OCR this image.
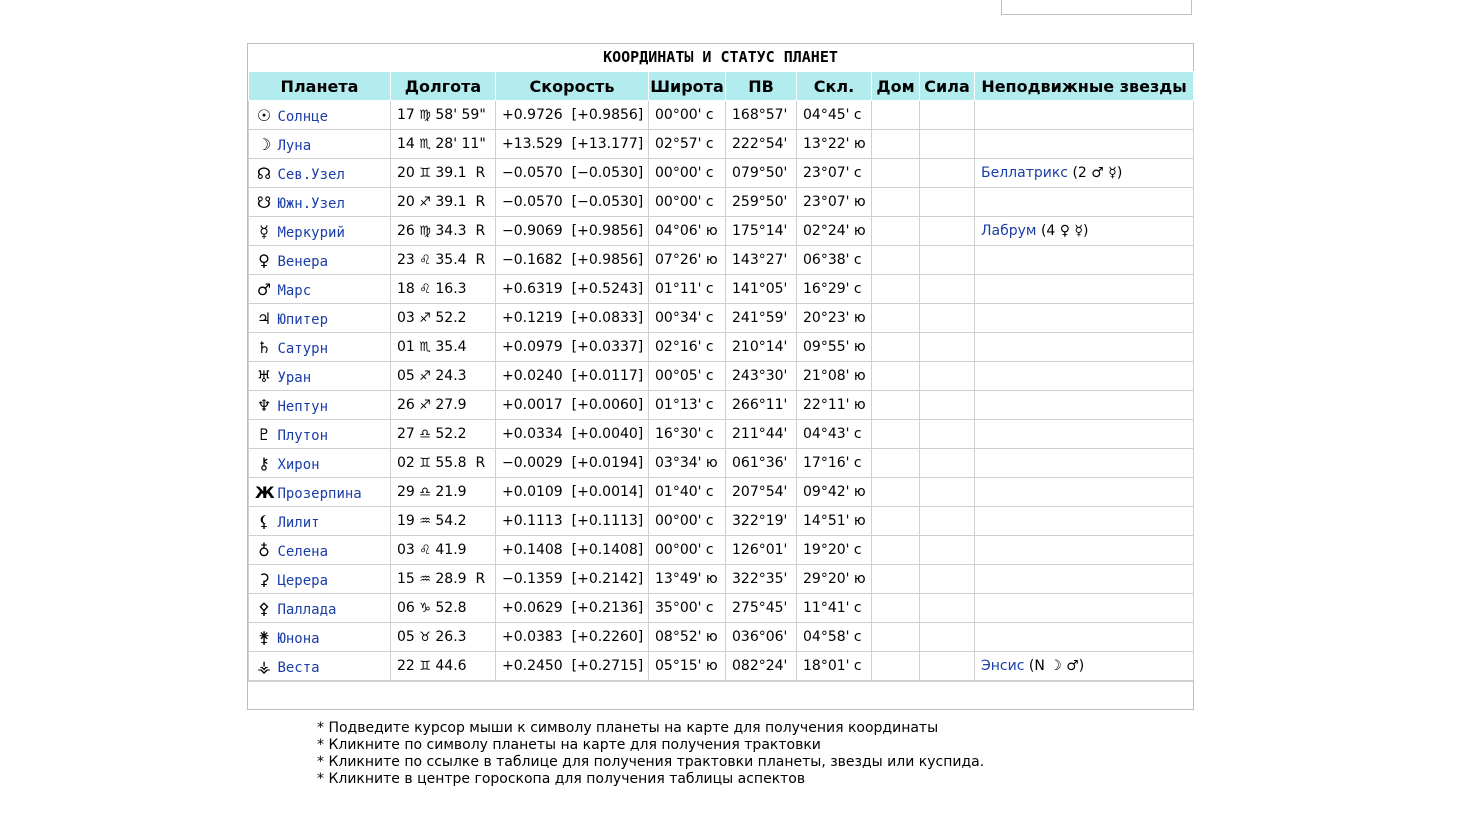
КООРДИНАТЫ И СТАТУС ПЛАНЕТ
Планета	Долгота	Скорость	Широта	ПВ	Скл.	Дом	Сила	Неподвижные звезды
☉ Солнце	17 ♍ 58' 59"	+0.9726 [+0.9856]	00°00' с	168°57'	04°45' с			
☽ Луна	14 ♏ 28' 11"	+13.529 [+13.177]	02°57' с	222°54'	13°22' ю			
☊ Сев.Узел	20 ♊ 39.1 R	−0.0570 [−0.0530]	00°00' с	079°50'	23°07' с			Беллатрикс (2 ♂ ☿)
☋ Южн.Узел	20 ♐ 39.1 R	−0.0570 [−0.0530]	00°00' с	259°50'	23°07' ю			
☿ Меркурий	26 ♍ 34.3 R	−0.9069 [+0.9856]	04°06' ю	175°14'	02°24' ю			Лабрум (4 ♀ ☿)
♀ Венера	23 ♌ 35.4 R	−0.1682 [+0.9856]	07°26' ю	143°27'	06°38' с			
♂ Марс	18 ♌ 16.3	+0.6319 [+0.5243]	01°11' с	141°05'	16°29' с			
♃ Юпитер	03 ♐ 52.2	+0.1219 [+0.0833]	00°34' с	241°59'	20°23' ю			
♄ Сатурн	01 ♏ 35.4	+0.0979 [+0.0337]	02°16' с	210°14'	09°55' ю			
♅ Уран	05 ♐ 24.3	+0.0240 [+0.0117]	00°05' с	243°30'	21°08' ю			
♆ Нептун	26 ♐ 27.9	+0.0017 [+0.0060]	01°13' с	266°11'	22°11' ю			
♇ Плутон	27 ♎ 52.2	+0.0334 [+0.0040]	16°30' с	211°44'	04°43' с			
⚷ Хирон	02 ♊ 55.8 R	−0.0029 [+0.0194]	03°34' ю	061°36'	17°16' с			
Ж Прозерпина	29 ♎ 21.9	+0.0109 [+0.0014]	01°40' с	207°54'	09°42' ю			
⚸ Лилит	19 ♒ 54.2	+0.1113 [+0.1113]	00°00' с	322°19'	14°51' ю			
♁ Селена	03 ♌ 41.9	+0.1408 [+0.1408]	00°00' с	126°01'	19°20' с			
⚳ Церера	15 ♒ 28.9 R	−0.1359 [+0.2142]	13°49' ю	322°35'	29°20' ю			
⚴ Паллада	06 ♑ 52.8	+0.0629 [+0.2136]	35°00' с	275°45'	11°41' с			
⚵ Юнона	05 ♉ 26.3	+0.0383 [+0.2260]	08°52' ю	036°06'	04°58' с			
⚶ Веста	22 ♊ 44.6	+0.2450 [+0.2715]	05°15' ю	082°24'	18°01' с			Энсис (N ☽ ♂)
* Подведите курсор мыши к символу планеты на карте для получения координаты
* Кликните по символу планеты на карте для получения трактовки
* Кликните по ссылке в таблице для получения трактовки планеты, звезды или куспида.
* Кликните в центре гороскопа для получения таблицы аспектов
